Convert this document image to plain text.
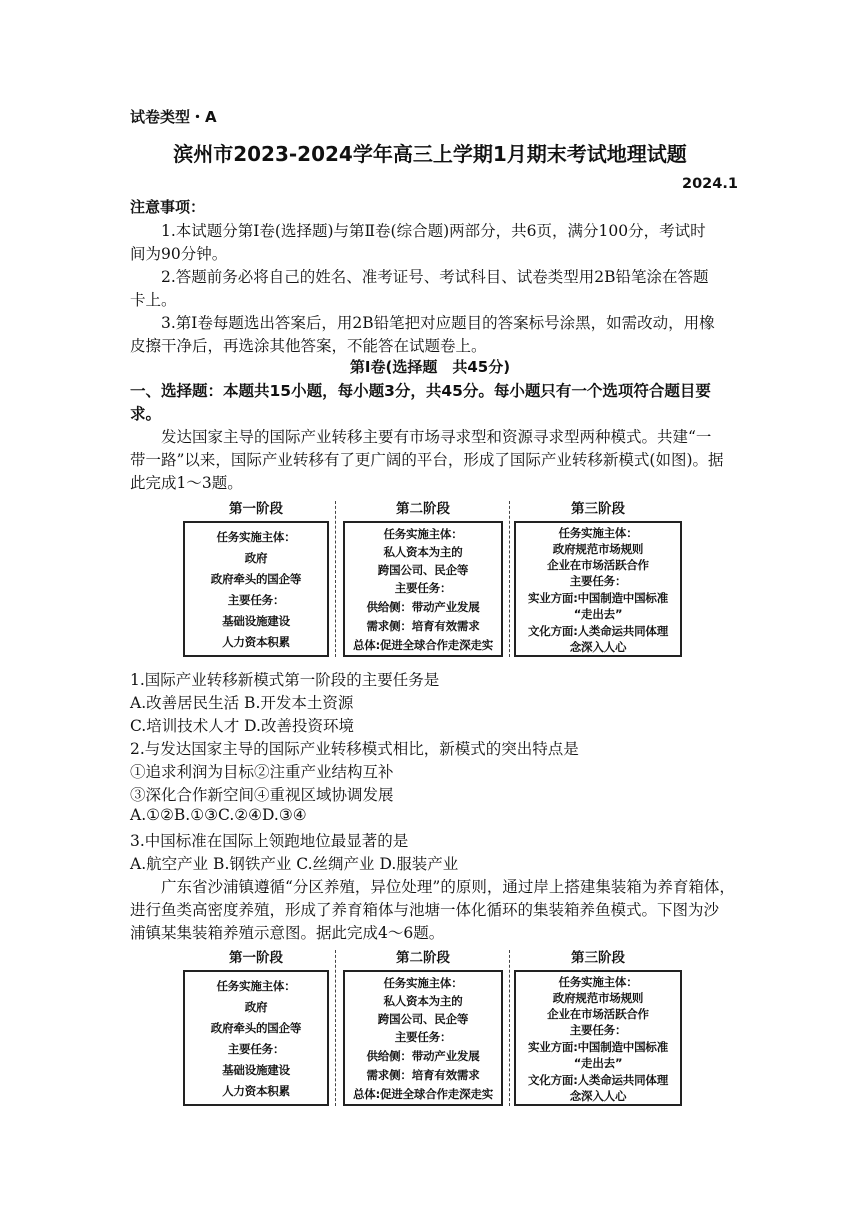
试卷类型・A
滨州市2023-2024学年高三上学期1月期末考试地理试题
2024.1
注意事项：
1.本试题分第Ⅰ卷(选择题)与第Ⅱ卷(综合题)两部分，共6页，满分100分，考试时
间为90分钟。
2.答题前务必将自己的姓名、准考证号、考试科目、试卷类型用2B铅笔涂在答题
卡上。
3.第Ⅰ卷每题选出答案后，用2B铅笔把对应题目的答案标号涂黑，如需改动，用橡
皮擦干净后，再选涂其他答案，不能答在试题卷上。
第Ⅰ卷(选择题　共45分)
一、选择题：本题共15小题，每小题3分，共45分。每小题只有一个选项符合题目要
求。
发达国家主导的国际产业转移主要有市场寻求型和资源寻求型两种模式。共建“一
带一路”以来，国际产业转移有了更广阔的平台，形成了国际产业转移新模式(如图)。据
此完成1～3题。
第一阶段
任务实施主体：
政府
政府牵头的国企等
主要任务：
基础设施建设
人力资本积累
第二阶段
任务实施主体：
私人资本为主的
跨国公司、民企等
主要任务：
供给侧：带动产业发展
需求侧：培育有效需求
总体:促进全球合作走深走实
第三阶段
任务实施主体：
政府规范市场规则
企业在市场活跃合作
主要任务：
实业方面:中国制造中国标准
“走出去”
文化方面:人类命运共同体理
念深入人心
1.国际产业转移新模式第一阶段的主要任务是
A.改善居民生活 B.开发本土资源
C.培训技术人才 D.改善投资环境
2.与发达国家主导的国际产业转移模式相比，新模式的突出特点是
①追求利润为目标②注重产业结构互补
③深化合作新空间④重视区域协调发展
A.①②B.①③C.②④D.③④
3.中国标准在国际上领跑地位最显著的是
A.航空产业 B.钢铁产业 C.丝绸产业 D.服装产业
广东省沙浦镇遵循“分区养殖，异位处理”的原则，通过岸上搭建集装箱为养育箱体，
进行鱼类高密度养殖，形成了养育箱体与池塘一体化循环的集装箱养鱼模式。下图为沙
浦镇某集装箱养殖示意图。据此完成4～6题。
第一阶段
任务实施主体：
政府
政府牵头的国企等
主要任务：
基础设施建设
人力资本积累
第二阶段
任务实施主体：
私人资本为主的
跨国公司、民企等
主要任务：
供给侧：带动产业发展
需求侧：培育有效需求
总体:促进全球合作走深走实
第三阶段
任务实施主体：
政府规范市场规则
企业在市场活跃合作
主要任务：
实业方面:中国制造中国标准
“走出去”
文化方面:人类命运共同体理
念深入人心
